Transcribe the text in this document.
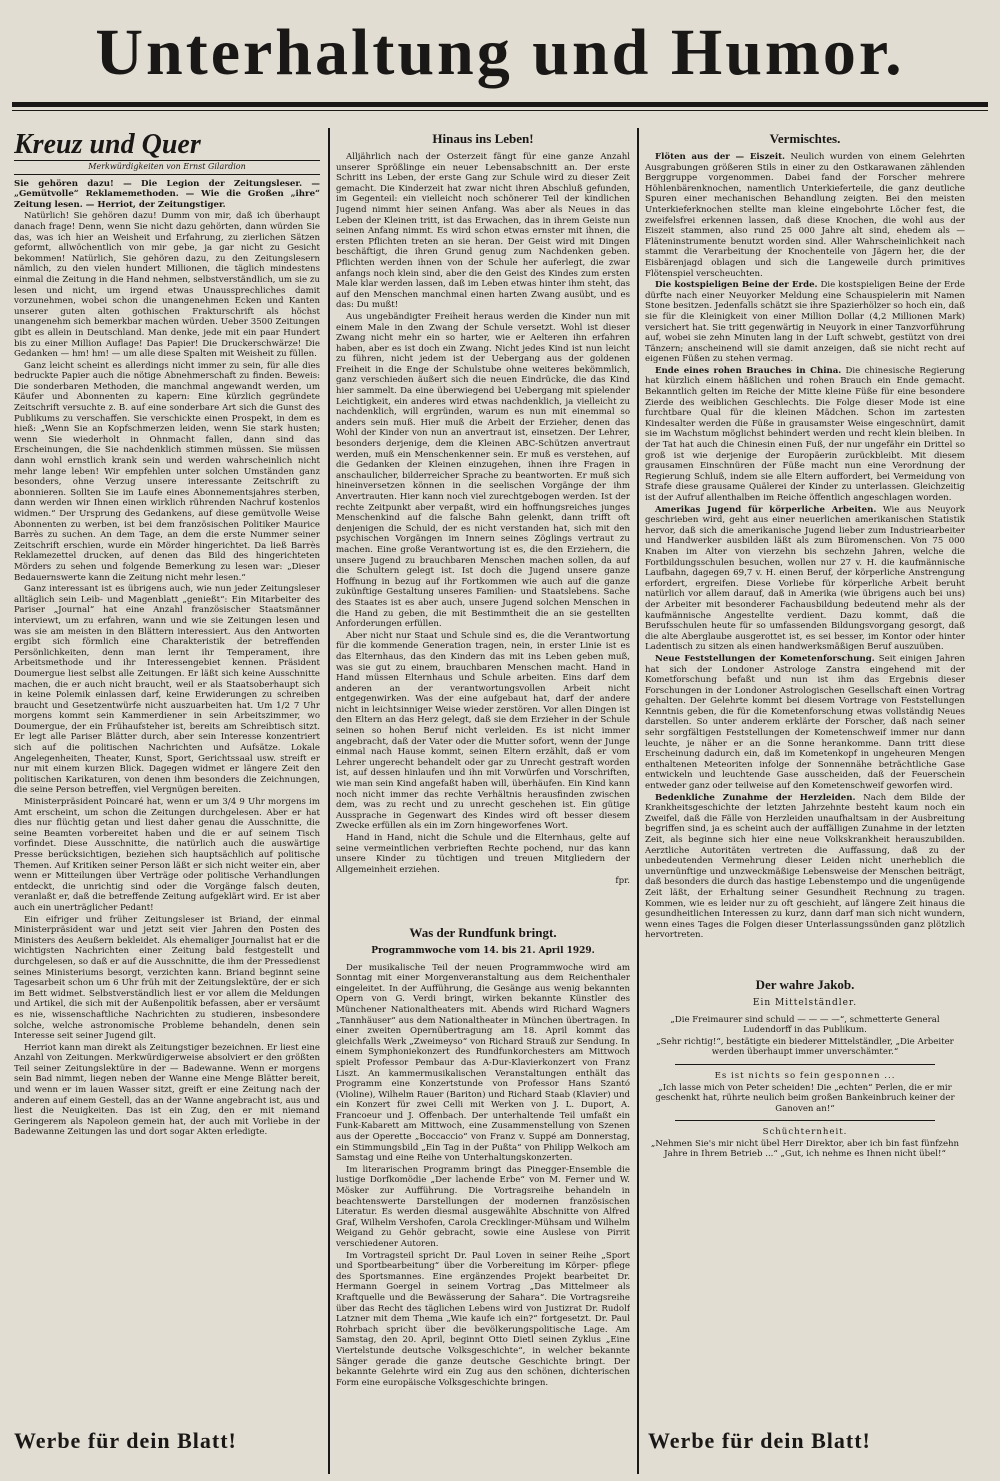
Unterhaltung und Humor.
Kreuz und Quer
Merkwürdigkeiten von Ernst Gilardion

Sie gehören dazu! — Die Legion der Zeitungsleser. — „Gemütvolle“ Reklamemethoden. — Wie die Großen „ihre“ Zeitung lesen. — Herriot, der Zeitungstiger.

Natürlich! Sie gehören dazu! Dumm von mir, daß ich überhaupt danach frage! Denn, wenn Sie nicht dazu gehörten, dann würden Sie das, was ich hier an Weisheit und Erfahrung, zu zierlichen Sätzen geformt, allwöchentlich von mir gebe, ja gar nicht zu Gesicht bekommen! Natürlich, Sie gehören dazu, zu den Zeitungslesern nämlich, zu den vielen hundert Millionen, die täglich mindestens einmal die Zeitung in die Hand nehmen, selbstverständlich, um sie zu lesen und nicht, um irgend etwas Unaussprechliches damit vorzunehmen, wobei schon die unangenehmen Ecken und Kanten unserer guten alten gothischen Frakturschrift als höchst unangenehm sich bemerkbar machen würden. Ueber 3500 Zeitungen gibt es allein in Deutschland. Man denke, jede mit ein paar Hundert bis zu einer Million Auflage! Das Papier! Die Druckerschwärze! Die Gedanken — hm! hm! — um alle diese Spalten mit Weisheit zu füllen.

Ganz leicht scheint es allerdings nicht immer zu sein, für alle dies bedruckte Papier auch die nötige Abnehmerschaft zu finden. Beweis: Die sonderbaren Methoden, die manchmal angewandt werden, um Käufer und Abonnenten zu kapern: Eine kürzlich gegründete Zeitschrift versuchte z. B. auf eine sonderbare Art sich die Gunst des Publikums zu verschaffen. Sie verschickte einen Prospekt, in dem es hieß: „Wenn Sie an Kopfschmerzen leiden, wenn Sie stark husten; wenn Sie wiederholt in Ohnmacht fallen, dann sind das Erscheinungen, die Sie nachdenklich stimmen müssen. Sie müssen dann wohl ernstlich krank sein und werden wahrscheinlich nicht mehr lange leben! Wir empfehlen unter solchen Umständen ganz besonders, ohne Verzug unsere interessante Zeitschrift zu abonnieren. Sollten Sie im Laufe eines Abonnementsjahres sterben, dann werden wir Ihnen einen wirklich rührenden Nachruf kostenlos widmen.“ Der Ursprung des Gedankens, auf diese gemütvolle Weise Abonnenten zu werben, ist bei dem französischen Politiker Maurice Barrès zu suchen. An dem Tage, an dem die erste Nummer seiner Zeitschrift erschien, wurde ein Mörder hingerichtet. Da ließ Barrès Reklamezettel drucken, auf denen das Bild des hingerichteten Mörders zu sehen und folgende Bemerkung zu lesen war: „Dieser Bedauernswerte kann die Zeitung nicht mehr lesen.“

Ganz interessant ist es übrigens auch, wie nun jeder Zeitungsleser alltäglich sein Leib- und Magenblatt „genießt“: Ein Mitarbeiter des Pariser „Journal“ hat eine Anzahl französischer Staatsmänner interviewt, um zu erfahren, wann und wie sie Zeitungen lesen und was sie am meisten in den Blättern interessiert. Aus den Antworten ergibt sich förmlich eine Charakteristik der betreffenden Persönlichkeiten, denn man lernt ihr Temperament, ihre Arbeitsmethode und ihr Interessengebiet kennen. Präsident Doumergue liest selbst alle Zeitungen. Er läßt sich keine Ausschnitte machen, die er auch nicht braucht, weil er als Staatsoberhaupt sich in keine Polemik einlassen darf, keine Erwiderungen zu schreiben braucht und Gesetzentwürfe nicht auszuarbeiten hat. Um 1/2 7 Uhr morgens kommt sein Kammerdiener in sein Arbeitszimmer, wo Doumergue, der ein Frühaufsteher ist, bereits am Schreibtisch sitzt. Er legt alle Pariser Blätter durch, aber sein Interesse konzentriert sich auf die politischen Nachrichten und Aufsätze. Lokale Angelegenheiten, Theater, Kunst, Sport, Gerichtssaal usw. streift er nur mit einem kurzen Blick. Dagegen widmet er längere Zeit den politischen Karikaturen, von denen ihm besonders die Zeichnungen, die seine Person betreffen, viel Vergnügen bereiten.

Ministerpräsident Poincaré hat, wenn er um 3/4 9 Uhr morgens im Amt erscheint, um schon die Zeitungen durchgelesen. Aber er hat dies nur flüchtig getan und liest daher genau die Ausschnitte, die seine Beamten vorbereitet haben und die er auf seinem Tisch vorfindet. Diese Ausschnitte, die natürlich auch die auswärtige Presse berücksichtigen, beziehen sich hauptsächlich auf politische Themen. Auf Kritiken seiner Person läßt er sich nicht weiter ein, aber wenn er Mitteilungen über Verträge oder politische Verhandlungen entdeckt, die unrichtig sind oder die Vorgänge falsch deuten, veranlaßt er, daß die betreffende Zeitung aufgeklärt wird. Er ist aber auch ein unerträglicher Pedant!

Ein eifriger und früher Zeitungsleser ist Briand, der einmal Ministerpräsident war und jetzt seit vier Jahren den Posten des Ministers des Aeußern bekleidet. Als ehemaliger Journalist hat er die wichtigsten Nachrichten einer Zeitung bald festgestellt und durchgelesen, so daß er auf die Ausschnitte, die ihm der Pressedienst seines Ministeriums besorgt, verzichten kann. Briand beginnt seine Tagesarbeit schon um 6 Uhr früh mit der Zeitungslektüre, der er sich im Bett widmet. Selbstverständlich liest er vor allem die Meldungen und Artikel, die sich mit der Außenpolitik befassen, aber er versäumt es nie, wissenschaftliche Nachrichten zu studieren, insbesondere solche, welche astronomische Probleme behandeln, denen sein Interesse seit seiner Jugend gilt.

Herriot kann man direkt als Zeitungstiger bezeichnen. Er liest eine Anzahl von Zeitungen. Merkwürdigerweise absolviert er den größten Teil seiner Zeitungslektüre in der — Badewanne. Wenn er morgens sein Bad nimmt, liegen neben der Wanne eine Menge Blätter bereit, und wenn er im lauen Wasser sitzt, greift er eine Zeitung nach der anderen auf einem Gestell, das an der Wanne angebracht ist, aus und liest die Neuigkeiten. Das ist ein Zug, den er mit niemand Geringerem als Napoleon gemein hat, der auch mit Vorliebe in der Badewanne Zeitungen las und dort sogar Akten erledigte.

Hinaus ins Leben!

Alljährlich nach der Osterzeit fängt für eine ganze Anzahl unserer Sprößlinge ein neuer Lebensabschnitt an. Der erste Schritt ins Leben, der erste Gang zur Schule wird zu dieser Zeit gemacht. Die Kinderzeit hat zwar nicht ihren Abschluß gefunden, im Gegenteil: ein vielleicht noch schönerer Teil der kindlichen Jugend nimmt hier seinen Anfang. Was aber als Neues in das Leben der Kleinen tritt, ist das Erwachen, das in ihrem Geiste nun seinen Anfang nimmt. Es wird schon etwas ernster mit ihnen, die ersten Pflichten treten an sie heran. Der Geist wird mit Dingen beschäftigt, die ihren Grund genug zum Nachdenken geben. Pflichten werden ihnen von der Schule her auferlegt, die zwar anfangs noch klein sind, aber die den Geist des Kindes zum ersten Male klar werden lassen, daß im Leben etwas hinter ihm steht, das auf den Menschen manchmal einen harten Zwang ausübt, und es das: Du mußt!

Aus ungebändigter Freiheit heraus werden die Kinder nun mit einem Male in den Zwang der Schule versetzt. Wohl ist dieser Zwang nicht mehr ein so harter, wie er Aelteren ihn erfahren haben, aber es ist doch ein Zwang. Nicht jedes Kind ist nun leicht zu führen, nicht jedem ist der Uebergang aus der goldenen Freiheit in die Enge der Schulstube ohne weiteres bekömmlich, ganz verschieden äußert sich die neuen Eindrücke, die das Kind hier sammelt. Da eine überwiegend bei Uebergang mit spielender Leichtigkeit, ein anderes wird etwas nachdenklich, ja vielleicht zu nachdenklich, will ergründen, warum es nun mit einemmal so anders sein muß. Hier muß die Arbeit der Erzieher, denen das Wohl der Kinder von nun an anvertraut ist, einsetzen. Der Lehrer, besonders derjenige, dem die Kleinen ABC-Schützen anvertraut werden, muß ein Menschenkenner sein. Er muß es verstehen, auf die Gedanken der Kleinen einzugehen, ihnen ihre Fragen in anschaulicher, bilderreicher Sprache zu beantworten. Er muß sich hineinversetzen können in die seelischen Vorgänge der ihm Anvertrauten. Hier kann noch viel zurechtgebogen werden. Ist der rechte Zeitpunkt aber verpaßt, wird ein hoffnungsreiches junges Menschenkind auf die falsche Bahn gelenkt, dann trifft oft denjenigen die Schuld, der es nicht verstanden hat, sich mit den psychischen Vorgängen im Innern seines Zöglings vertraut zu machen. Eine große Verantwortung ist es, die den Erziehern, die unsere Jugend zu brauchbaren Menschen machen sollen, da auf die Schultern gelegt ist. Ist doch die Jugend unsere ganze Hoffnung in bezug auf ihr Fortkommen wie auch auf die ganze zukünftige Gestaltung unseres Familien- und Staatslebens. Sache des Staates ist es aber auch, unsere Jugend solchen Menschen in die Hand zu geben, die mit Bestimmtheit die an sie gestellten Anforderungen erfüllen.

Aber nicht nur Staat und Schule sind es, die die Verantwortung für die kommende Generation tragen, nein, in erster Linie ist es das Elternhaus, das den Kindern das mit ins Leben geben muß, was sie gut zu einem, brauchbaren Menschen macht. Hand in Hand müssen Elternhaus und Schule arbeiten. Eins darf dem anderen an der verantwortungsvollen Arbeit nicht entgegenwirken. Was der eine aufgebaut hat, darf der andere nicht in leichtsinniger Weise wieder zerstören. Vor allen Dingen ist den Eltern an das Herz gelegt, daß sie dem Erzieher in der Schule seinen so hohen Beruf nicht verleiden. Es ist nicht immer angebracht, daß der Vater oder die Mutter sofort, wenn der Junge einmal nach Hause kommt, seinen Eltern erzählt, daß er vom Lehrer ungerecht behandelt oder gar zu Unrecht gestraft worden ist, auf dessen hinlaufen und ihn mit Vorwürfen und Vorschriften, wie man sein Kind angefaßt haben will, überhäufen. Ein Kind kann noch nicht immer das rechte Verhältnis herausfinden zwischen dem, was zu recht und zu unrecht geschehen ist. Ein gütige Aussprache in Gegenwart des Kindes wird oft besser diesem Zwecke erfüllen als ein im Zorn hingeworfenes Wort.

Hand in Hand, nicht die Schule und die Elternhaus, gelte auf seine vermeintlichen verbrieften Rechte pochend, nur das kann unsere Kinder zu tüchtigen und treuen Mitgliedern der Allgemeinheit erziehen.

fpr.

Was der Rundfunk bringt.
Programmwoche vom 14. bis 21. April 1929.

Der musikalische Teil der neuen Programmwoche wird am Sonntag mit einer Morgenveranstaltung aus dem Reichenthaler eingeleitet. In der Aufführung, die Gesänge aus wenig bekannten Opern von G. Verdi bringt, wirken bekannte Künstler des Münchener Nationaltheaters mit. Abends wird Richard Wagners „Tannhäuser“ aus dem Nationaltheater in München übertragen. In einer zweiten Opernübertragung am 18. April kommt das gleichfalls Werk „Zweimeyso“ von Richard Strauß zur Sendung. In einem Symphoniekonzert des Rundfunkorchesters am Mittwoch spielt Professor Pembaur das A-Dur-Klavierkonzert von Franz Liszt. An kammermusikalischen Veranstaltungen enthält das Programm eine Konzertstunde von Professor Hans Szantó (Violine), Wilhelm Rauer (Bariton) und Richard Staab (Klavier) und ein Konzert für zwei Celli mit Werken von J. L. Duport, A. Francoeur und J. Offenbach. Der unterhaltende Teil umfaßt ein Funk-Kabarett am Mittwoch, eine Zusammenstellung von Szenen aus der Operette „Boccaccio“ von Franz v. Suppé am Donnerstag, ein Stimmungsbild „Ein Tag in der Pußta“ von Philipp Welkoch am Samstag und eine Reihe von Unterhaltungskonzerten.

Im literarischen Programm bringt das Pinegger-Ensemble die lustige Dorfkomödie „Der lachende Erbe“ von M. Ferner und W. Mösker zur Aufführung. Die Vortragsreihe behandeln in beachtenswerte Darstellungen der modernen französischen Literatur. Es werden diesmal ausgewählte Abschnitte von Alfred Graf, Wilhelm Vershofen, Carola Crecklinger-Mühsam und Wilhelm Weigand zu Gehör gebracht, sowie eine Auslese von Pirrit verschiedener Autoren.

Im Vortragsteil spricht Dr. Paul Loven in seiner Reihe „Sport und Sportbearbeitung“ über die Vorbereitung im Körper- pflege des Sportsmannes. Eine ergänzendes Projekt bearbeitet Dr. Hermann Goergel in seinem Vortrag „Das Mittelmeer als Kraftquelle und die Bewässerung der Sahara“. Die Vortragsreihe über das Recht des täglichen Lebens wird von Justizrat Dr. Rudolf Latzner mit dem Thema „Wie kaufe ich ein?“ fortgesetzt. Dr. Paul Rohrbach spricht über die bevölkerungspolitische Lage. Am Samstag, den 20. April, beginnt Otto Dietl seinen Zyklus „Eine Viertelstunde deutsche Volksgeschichte“, in welcher bekannte Sänger gerade die ganze deutsche Geschichte bringt. Der bekannte Gelehrte wird ein Zug aus den schönen, dichterischen Form eine europäische Volksgeschichte bringen.

Vermischtes.

Flöten aus der — Eiszeit. Neulich wurden von einem Gelehrten Ausgrabungen größeren Stils in einer zu den Ostkarawanen zählenden Berggruppe vorgenommen. Dabei fand der Forscher mehrere Höhlenbärenknochen, namentlich Unterkieferteile, die ganz deutliche Spuren einer mechanischen Behandlung zeigten. Bei den meisten Unterkieferknochen stellte man kleine eingebohrte Löcher fest, die zweifelsfrei erkennen lassen, daß diese Knochen, die wohl aus der Eiszeit stammen, also rund 25 000 Jahre alt sind, ehedem als — Fläteninstrumente benutzt worden sind. Aller Wahrscheinlichkeit nach stammt die Verarbeitung der Knochenteile von Jägern her, die der Eisbärenjagd oblagen und sich die Langeweile durch primitives Flötenspiel verscheuchten.

Die kostspieligen Beine der Erde. Die kostspieligen Beine der Erde dürfte nach einer Neuyorker Meldung eine Schauspielerin mit Namen Stone besitzen. Jedenfalls schätzt sie ihre Spazierhölzer so hoch ein, daß sie für die Kleinigkeit von einer Million Dollar (4,2 Millionen Mark) versichert hat. Sie tritt gegenwärtig in Neuyork in einer Tanzvorführung auf, wobei sie zehn Minuten lang in der Luft schwebt, gestützt von drei Tänzern; anscheinend will sie damit anzeigen, daß sie nicht recht auf eigenen Füßen zu stehen vermag.

Ende eines rohen Brauches in China. Die chinesische Regierung hat kürzlich einem häßlichen und rohen Brauch ein Ende gemacht. Bekanntlich gelten im Reiche der Mitte kleine Füße für eine besondere Zierde des weiblichen Geschlechts. Die Folge dieser Mode ist eine furchtbare Qual für die kleinen Mädchen. Schon im zartesten Kindesalter werden die Füße in grausamster Weise eingeschnürt, damit sie im Wachstum möglichst behindert werden und recht klein bleiben. In der Tat hat auch die Chinesin einen Fuß, der nur ungefähr ein Drittel so groß ist wie derjenige der Europäerin zurückbleibt. Mit diesem grausamen Einschnüren der Füße macht nun eine Verordnung der Regierung Schluß, indem sie alle Eltern auffordert, bei Vermeidung von Strafe diese grausame Quälerei der Kinder zu unterlassen. Gleichzeitig ist der Aufruf allenthalben im Reiche öffentlich angeschlagen worden.

Amerikas Jugend für körperliche Arbeiten. Wie aus Neuyork geschrieben wird, geht aus einer neuerlichen amerikanischen Statistik hervor, daß sich die amerikanische Jugend lieber zum Industriearbeiter und Handwerker ausbilden läßt als zum Büromenschen. Von 75 000 Knaben im Alter von vierzehn bis sechzehn Jahren, welche die Fortbildungsschulen besuchen, wollen nur 27 v. H. die kaufmännische Laufbahn, dagegen 69,7 v. H. einen Beruf, der körperliche Anstrengung erfordert, ergreifen. Diese Vorliebe für körperliche Arbeit beruht natürlich vor allem darauf, daß in Amerika (wie übrigens auch bei uns) der Arbeiter mit besonderer Fachausbildung bedeutend mehr als der kaufmännische Angestellte verdient. Dazu kommt, daß die Berufsschulen heute für so umfassenden Bildungsvorgang gesorgt, daß die alte Aberglaube ausgerottet ist, es sei besser, im Kontor oder hinter Ladentisch zu sitzen als einen handwerksmäßigen Beruf auszuüben.

Neue Feststellungen der Kometenforschung. Seit einigen Jahren hat sich der Londoner Astrologe Zanstra eingehend mit der Kometforschung befaßt und nun ist ihm das Ergebnis dieser Forschungen in der Londoner Astrologischen Gesellschaft einen Vortrag gehalten. Der Gelehrte kommt bei diesem Vortrage von Feststellungen Kenntnis geben, die für die Kometenforschung etwas vollständig Neues darstellen. So unter anderem erklärte der Forscher, daß nach seiner sehr sorgfältigen Feststellungen der Kometenschweif immer nur dann leuchte, je näher er an die Sonne herankomme. Dann tritt diese Erscheinung dadurch ein, daß im Kometenkopf in ungeheuren Mengen enthaltenen Meteoriten infolge der Sonnennähe beträchtliche Gase entwickeln und leuchtende Gase ausscheiden, daß der Feuerschein entweder ganz oder teilweise auf den Kometenschweif geworfen wird.

Bedenkliche Zunahme der Herzleiden. Nach dem Bilde der Krankheitsgeschichte der letzten Jahrzehnte besteht kaum noch ein Zweifel, daß die Fälle von Herzleiden unaufhaltsam in der Ausbreitung begriffen sind, ja es scheint auch der auffälligen Zunahme in der letzten Zeit, als beginne sich hier eine neue Volkskrankheit herauszubilden. Aerztliche Autoritäten vertreten die Auffassung, daß zu der unbedeutenden Vermehrung dieser Leiden nicht unerheblich die unvernünftige und unzweckmäßige Lebensweise der Menschen beiträgt, daß besonders die durch das hastige Lebenstempo und die ungenügende Zeit läßt, der Erhaltung seiner Gesundheit Rechnung zu tragen. Kommen, wie es leider nur zu oft geschieht, auf längere Zeit hinaus die gesundheitlichen Interessen zu kurz, dann darf man sich nicht wundern, wenn eines Tages die Folgen dieser Unterlassungssünden ganz plötzlich hervortreten.

Der wahre Jakob.
Ein Mittelständler.

„Die Freimaurer sind schuld — — — —“, schmetterte General Ludendorff in das Publikum.

„Sehr richtig!“, bestätigte ein biederer Mittelständler, „Die Arbeiter werden überhaupt immer unverschämter.“

Es ist nichts so fein gesponnen ...

„Ich lasse mich von Peter scheiden! Die „echten“ Perlen, die er mir geschenkt hat, rührte neulich beim großen Bankeinbruch keiner der Ganoven an!“

Schüchternheit.

„Nehmen Sie's mir nicht übel Herr Direktor, aber ich bin fast fünfzehn Jahre in Ihrem Betrieb ...“ „Gut, ich nehme es Ihnen nicht übel!“

Werbe für dein Blatt!	Werbe für dein Blatt!
